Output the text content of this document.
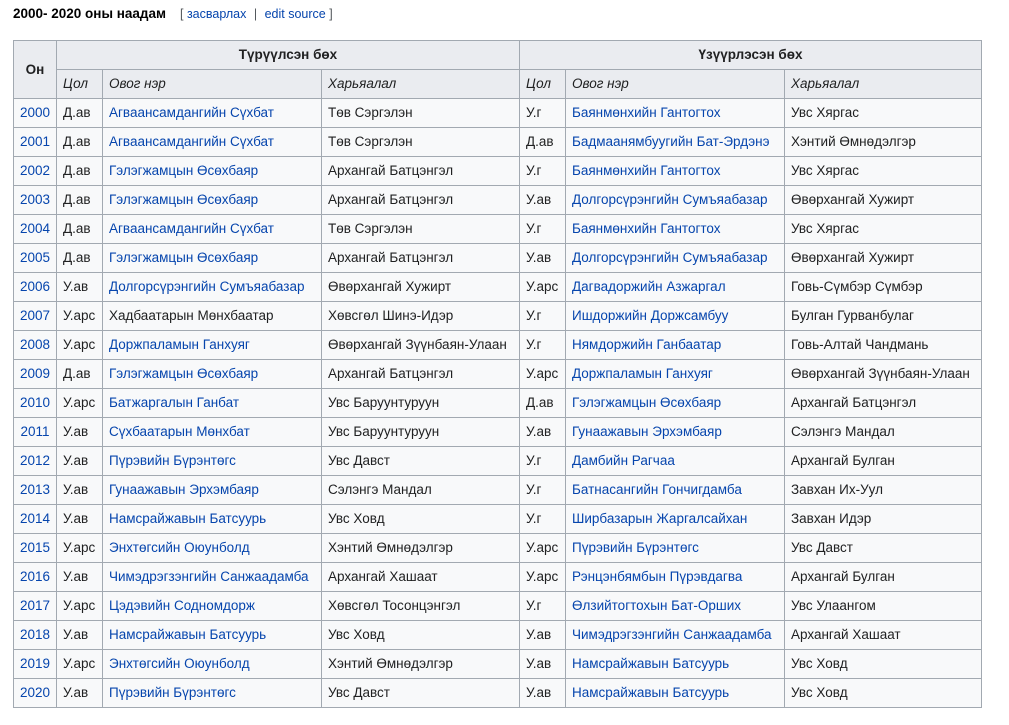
2000- 2020 оны наадам [ засварлах | edit source ]
Он	Түрүүлсэн бөх			Үзүүрлэсэн бөх		
	Цол	Овог нэр	Харьяалал	Цол	Овог нэр	Харьяалал
2000	Д.ав	Агваансамдангийн Сүхбат	Төв Сэргэлэн	У.г	Баянмөнхийн Гантогтох	Увс Хяргас
2001	Д.ав	Агваансамдангийн Сүхбат	Төв Сэргэлэн	Д.ав	Бадмаанямбуугийн Бат-Эрдэнэ	Хэнтий Өмнөдэлгэр
2002	Д.ав	Гэлэгжамцын Өсөхбаяр	Архангай Батцэнгэл	У.г	Баянмөнхийн Гантогтох	Увс Хяргас
2003	Д.ав	Гэлэгжамцын Өсөхбаяр	Архангай Батцэнгэл	У.ав	Долгорсүрэнгийн Сумъяабазар	Өвөрхангай Хужирт
2004	Д.ав	Агваансамдангийн Сүхбат	Төв Сэргэлэн	У.г	Баянмөнхийн Гантогтох	Увс Хяргас
2005	Д.ав	Гэлэгжамцын Өсөхбаяр	Архангай Батцэнгэл	У.ав	Долгорсүрэнгийн Сумъяабазар	Өвөрхангай Хужирт
2006	У.ав	Долгорсүрэнгийн Сумъяабазар	Өвөрхангай Хужирт	У.арс	Дагвадоржийн Азжаргал	Говь-Сүмбэр Сүмбэр
2007	У.арс	Хадбаатарын Мөнхбаатар	Хөвсгөл Шинэ-Идэр	У.г	Ишдоржийн Доржсамбуу	Булган Гурванбулаг
2008	У.арс	Доржпаламын Ганхуяг	Өвөрхангай Зүүнбаян-Улаан	У.г	Нямдоржийн Ганбаатар	Говь-Алтай Чандмань
2009	Д.ав	Гэлэгжамцын Өсөхбаяр	Архангай Батцэнгэл	У.арс	Доржпаламын Ганхуяг	Өвөрхангай Зүүнбаян-Улаан
2010	У.арс	Батжаргалын Ганбат	Увс Баруунтуруун	Д.ав	Гэлэгжамцын Өсөхбаяр	Архангай Батцэнгэл
2011	У.ав	Сүхбаатарын Мөнхбат	Увс Баруунтуруун	У.ав	Гунаажавын Эрхэмбаяр	Сэлэнгэ Мандал
2012	У.ав	Пүрэвийн Бүрэнтөгс	Увс Давст	У.г	Дамбийн Рагчаа	Архангай Булган
2013	У.ав	Гунаажавын Эрхэмбаяр	Сэлэнгэ Мандал	У.г	Батнасангийн Гончигдамба	Завхан Их-Уул
2014	У.ав	Намсрайжавын Батсуурь	Увс Ховд	У.г	Ширбазарын Жаргалсайхан	Завхан Идэр
2015	У.арс	Энхтөгсийн Оюунболд	Хэнтий Өмнөдэлгэр	У.арс	Пүрэвийн Бүрэнтөгс	Увс Давст
2016	У.ав	Чимэдрэгзэнгийн Санжаадамба	Архангай Хашаат	У.арс	Рэнцэнбямбын Пүрэвдагва	Архангай Булган
2017	У.арс	Цэдэвийн Содномдорж	Хөвсгөл Тосонцэнгэл	У.г	Өлзийтогтохын Бат-Орших	Увс Улаангом
2018	У.ав	Намсрайжавын Батсуурь	Увс Ховд	У.ав	Чимэдрэгзэнгийн Санжаадамба	Архангай Хашаат
2019	У.арс	Энхтөгсийн Оюунболд	Хэнтий Өмнөдэлгэр	У.ав	Намсрайжавын Батсуурь	Увс Ховд
2020	У.ав	Пүрэвийн Бүрэнтөгс	Увс Давст	У.ав	Намсрайжавын Батсуурь	Увс Ховд
